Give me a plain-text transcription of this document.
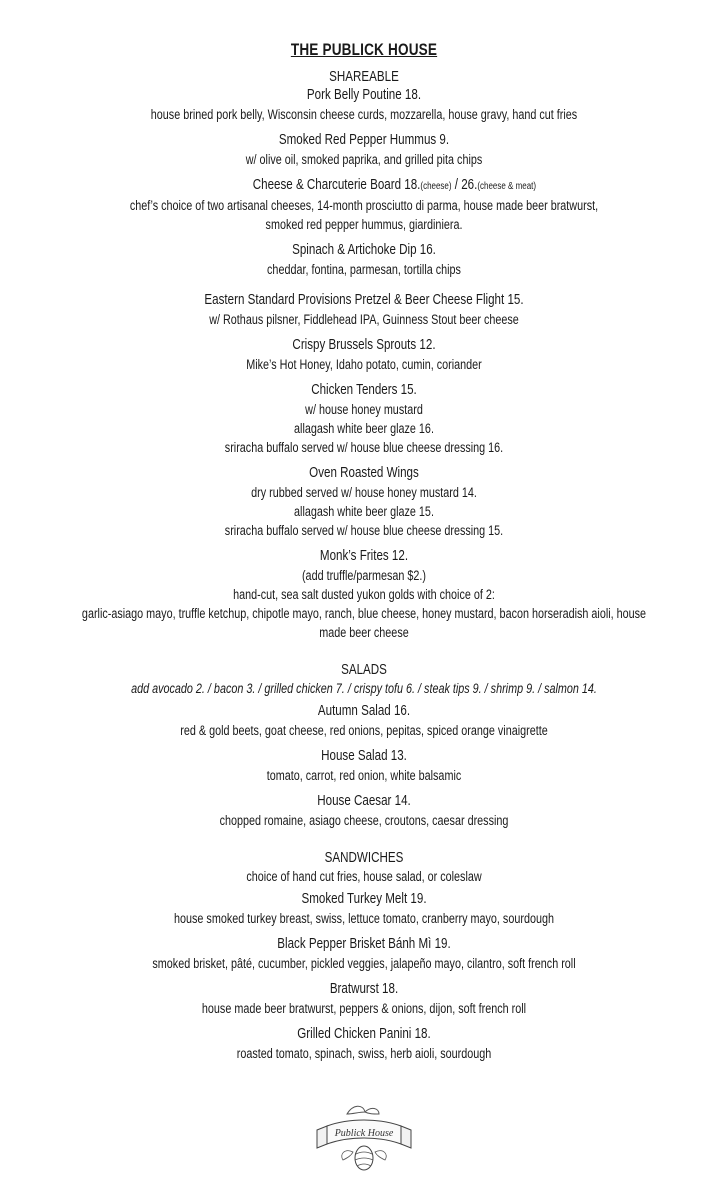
THE PUBLICK HOUSE
SHAREABLE
Pork Belly Poutine 18.
house brined pork belly, Wisconsin cheese curds, mozzarella, house gravy, hand cut fries
Smoked Red Pepper Hummus 9.
w/ olive oil, smoked paprika, and grilled pita chips
Cheese & Charcuterie Board 18.(cheese) / 26.(cheese & meat)
chef’s choice of two artisanal cheeses, 14-month prosciutto di parma, house made beer bratwurst,
smoked red pepper hummus, giardiniera.
Spinach & Artichoke Dip 16.
cheddar, fontina, parmesan, tortilla chips
Eastern Standard Provisions Pretzel & Beer Cheese Flight 15.
w/ Rothaus pilsner, Fiddlehead IPA, Guinness Stout beer cheese
Crispy Brussels Sprouts 12.
Mike’s Hot Honey, Idaho potato, cumin, coriander
Chicken Tenders 15.
w/ house honey mustard
allagash white beer glaze 16.
sriracha buffalo served w/ house blue cheese dressing 16.
Oven Roasted Wings
dry rubbed served w/ house honey mustard 14.
allagash white beer glaze 15.
sriracha buffalo served w/ house blue cheese dressing 15.
Monk’s Frites 12.
(add truffle/parmesan $2.)
hand-cut, sea salt dusted yukon golds with choice of 2:
garlic-asiago mayo, truffle ketchup, chipotle mayo, ranch, blue cheese, honey mustard, bacon horseradish aioli, house made beer cheese
SALADS
add avocado 2. / bacon 3. / grilled chicken 7. / crispy tofu 6. / steak tips 9. / shrimp 9. / salmon 14.
Autumn Salad 16.
red & gold beets, goat cheese, red onions, pepitas, spiced orange vinaigrette
House Salad 13.
tomato, carrot, red onion, white balsamic
House Caesar 14.
chopped romaine, asiago cheese, croutons, caesar dressing
SANDWICHES
choice of hand cut fries, house salad, or coleslaw
Smoked Turkey Melt 19.
house smoked turkey breast, swiss, lettuce tomato, cranberry mayo, sourdough
Black Pepper Brisket Bánh Mì 19.
smoked brisket, pâté, cucumber, pickled veggies, jalapeño mayo, cilantro, soft french roll
Bratwurst 18.
house made beer bratwurst, peppers & onions, dijon, soft french roll
Grilled Chicken Panini 18.
roasted tomato, spinach, swiss, herb aioli, sourdough
Publick House
